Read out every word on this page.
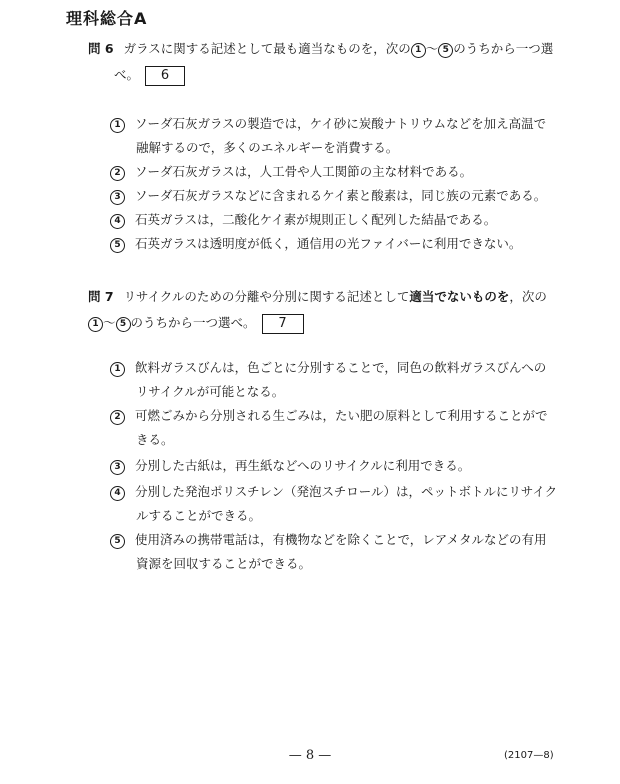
理科総合A
問 6 ガラスに関する記述として最も適当なものを，次の 1 〜 5 のうちから一つ選
べ。 6
1 ソーダ石灰ガラスの製造では，ケイ砂に炭酸ナトリウムなどを加え高温で
融解するので，多くのエネルギーを消費する。
2 ソーダ石灰ガラスは，人工骨や人工関節の主な材料である。
3 ソーダ石灰ガラスなどに含まれるケイ素と酸素は，同じ族の元素である。
4 石英ガラスは，二酸化ケイ素が規則正しく配列した結晶である。
5 石英ガラスは透明度が低く，通信用の光ファイバーに利用できない。
問 7 リサイクルのための分離や分別に関する記述として適当でないものを，次の
1 〜 5 のうちから一つ選べ。 7
1 飲料ガラスびんは，色ごとに分別することで，同色の飲料ガラスびんへの
リサイクルが可能となる。
2 可燃ごみから分別される生ごみは，たい肥の原料として利用することがで
きる。
3 分別した古紙は，再生紙などへのリサイクルに利用できる。
4 分別した発泡ポリスチレン（発泡スチロール）は，ペットボトルにリサイク
ルすることができる。
5 使用済みの携帯電話は，有機物などを除くことで，レアメタルなどの有用
資源を回収することができる。
— 8 —	(2107—8)
